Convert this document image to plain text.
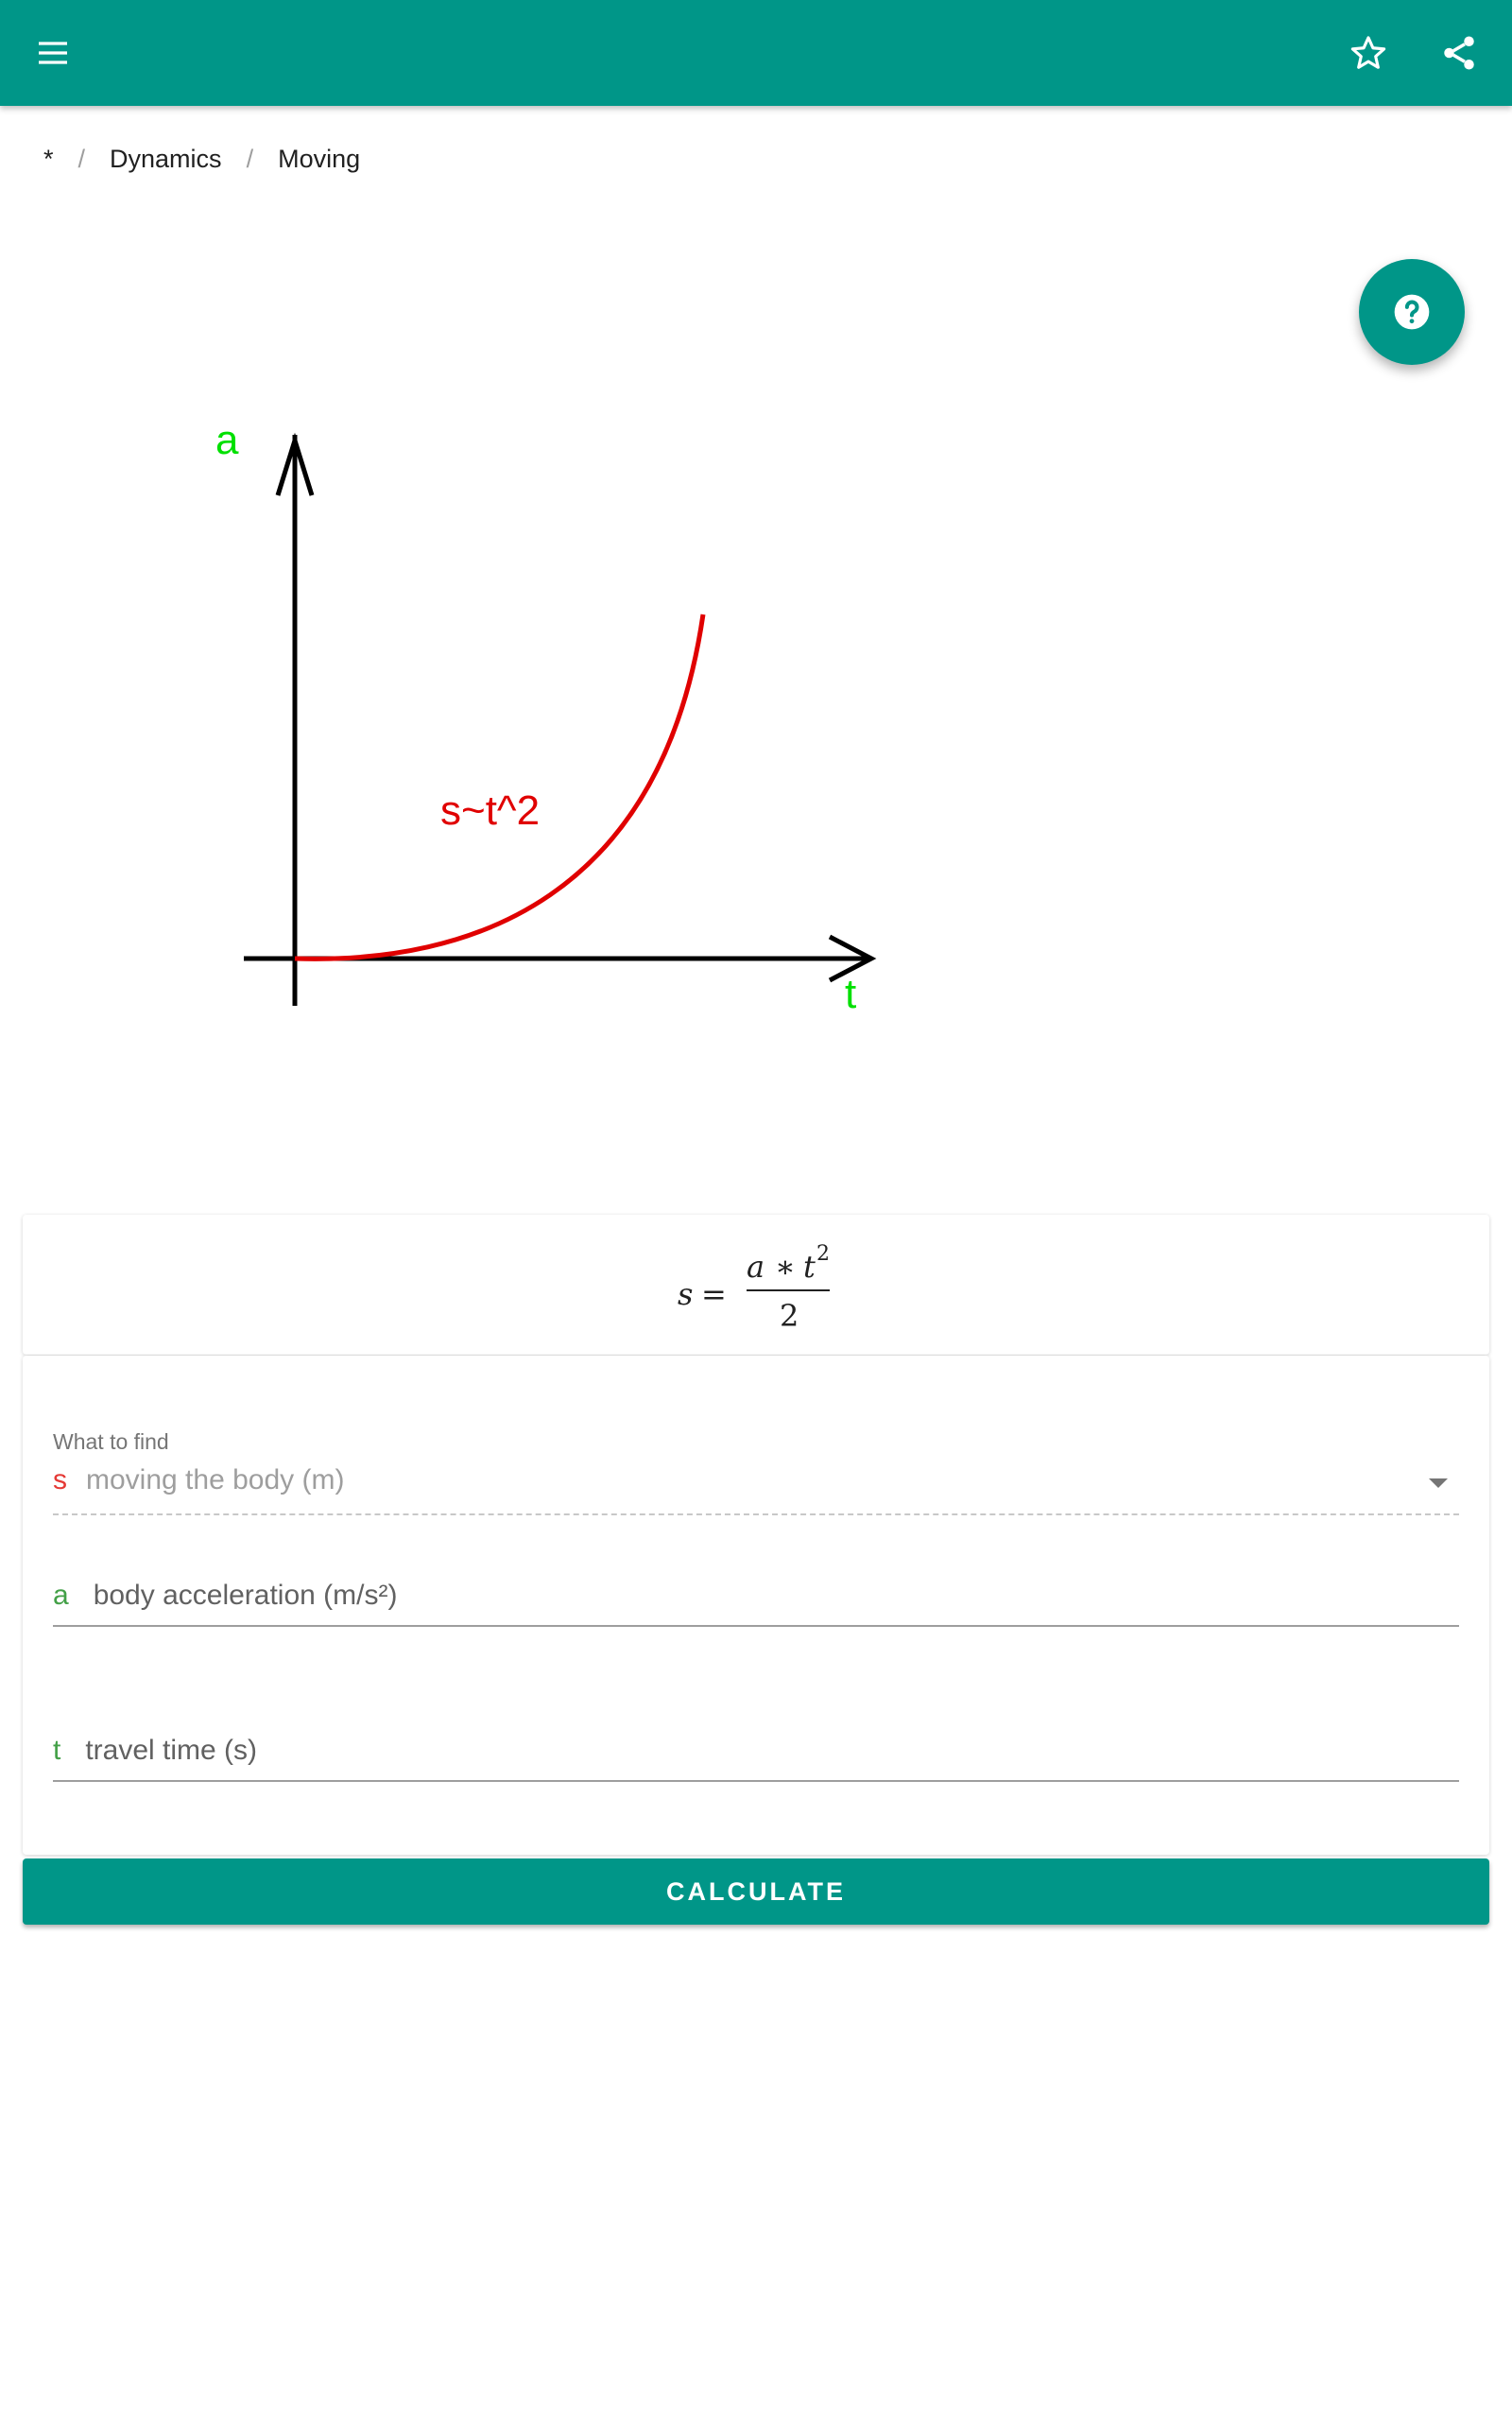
* / Dynamics / Moving
a
t
s~t^2
s =
a ∗ t 2
2
What to find
s moving the body (m)
a body acceleration (m/s²)
t travel time (s)
CALCULATE
